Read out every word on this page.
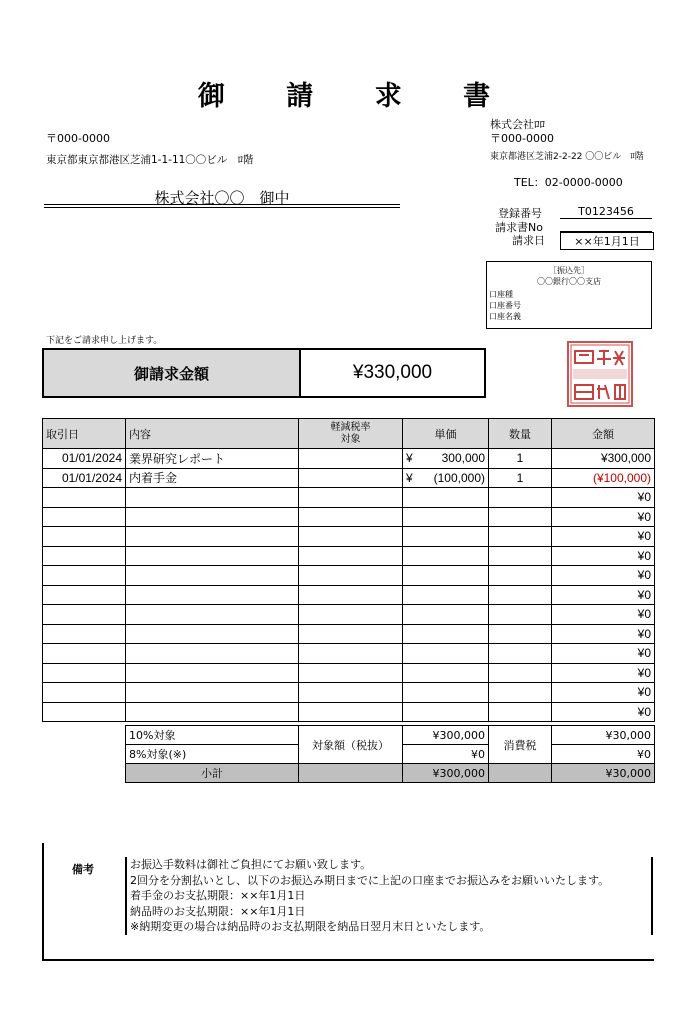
御 請 求 書
〒000-0000
東京都東京都港区芝浦1-1-11〇〇ビル　ﾛ階
株式会社〇〇　御中
株式会社ﾛﾛ
〒000-0000
東京都港区芝浦2-2-22 〇〇ビル　ﾛ階
TEL：02-0000-0000
登録番号	T0123456
請求書No
請求日	××年1月1日
［振込先］
〇〇銀行〇〇支店
口座種
口座番号
口座名義
下記をご請求申し上げます。
御請求金額	¥330,000
取引日	内容	軽減税率
対象	単価	数量	金額
01/01/2024	業界研究レポート		¥ 300,000	1	¥300,000
01/01/2024	内着手金		¥ (100,000)	1	(¥100,000)
					¥0
					¥0
					¥0
					¥0
					¥0
					¥0
					¥0
					¥0
					¥0
					¥0
					¥0
					¥0
10%対象	対象額（税抜）	¥300,000	消費税	¥30,000
8%対象(※)		¥0		¥0
小計		¥300,000		¥30,000
備考	お振込手数料は御社ご負担にてお願い致します。
2回分を分割払いとし、以下のお振込み期日までに上記の口座までお振込みをお願いいたします。
着手金のお支払期限：××年1月1日
納品時のお支払期限：××年1月1日
※納期変更の場合は納品時のお支払期限を納品日翌月末日といたします。
